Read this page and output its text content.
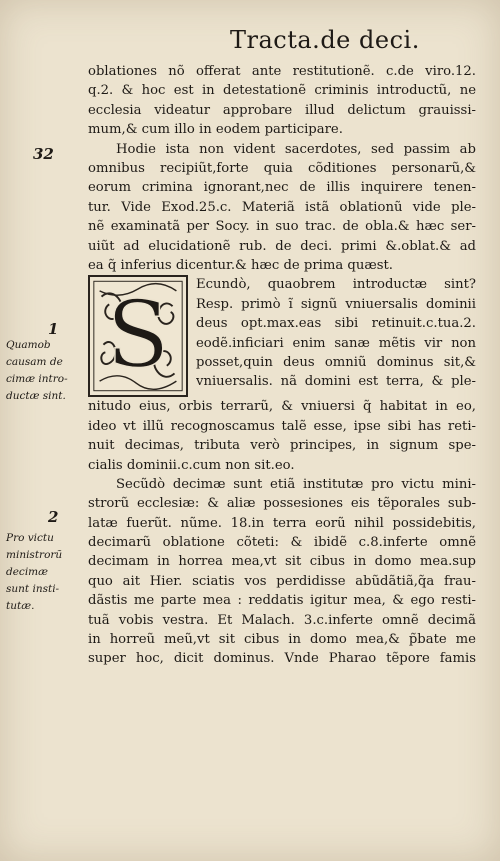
Tracta.de deci.
32
1
2
Quamob
causam de
cimæ intro-
ductæ sint.
Pro victu
ministrorũ
decimæ
sunt insti-
tutæ.
oblationes nõ offerat ante restitutionẽ. c.de viro.12.
q.2. & hoc est in detestationẽ criminis introductũ, ne
ecclesia videatur approbare illud delictum grauissi-
mum,& cum illo in eodem participare.
Hodie ista non vident sacerdotes, sed passim ab
omnibus recipiũt,forte quia cõditiones personarũ,&
eorum crimina ignorant,nec de illis inquirere tenen-
tur. Vide Exod.25.c. Materiã istã oblationũ vide ple-
nẽ examinatã per Socy. in suo trac. de obla.& hæc ser-
uiũt ad elucidationẽ rub. de deci. primi &.oblat.& ad
ea q̃ inferius dicentur.& hæc de prima quæst.
S Ecundò, quaobrem introductæ sint?
Resp. primò ĩ signũ vniuersalis dominii
deus opt.max.eas sibi retinuit.c.tua.2.
eodẽ.inficiari enim sanæ mẽtis vir non
posset,quin deus omniũ dominus sit,&
vniuersalis. nã domini est terra, & ple-
nitudo eius, orbis terrarũ, & vniuersi q̃ habitat in eo,
ideo vt illũ recognoscamus talẽ esse, ipse sibi has reti-
nuit decimas, tributa verò principes, in signum spe-
cialis dominii.c.cum non sit.eo.
Secũdò decimæ sunt etiã institutæ pro victu mini-
strorũ ecclesiæ: & aliæ possesiones eis tẽporales sub-
latæ fuerũt. nũme. 18.in terra eorũ nihil possidebitis,
decimarũ oblatione cõteti: & ibidẽ c.8.inferte omnẽ
decimam in horrea mea,vt sit cibus in domo mea.sup
quo ait Hier. sciatis vos perdidisse abũdãtiã,q̃a frau-
dãstis me parte mea : reddatis igitur mea, & ego resti-
tuã vobis vestra. Et Malach. 3.c.inferte omnẽ decimã
in horreũ meũ,vt sit cibus in domo mea,& p̃bate me
super hoc, dicit dominus. Vnde Pharao tẽpore famis
